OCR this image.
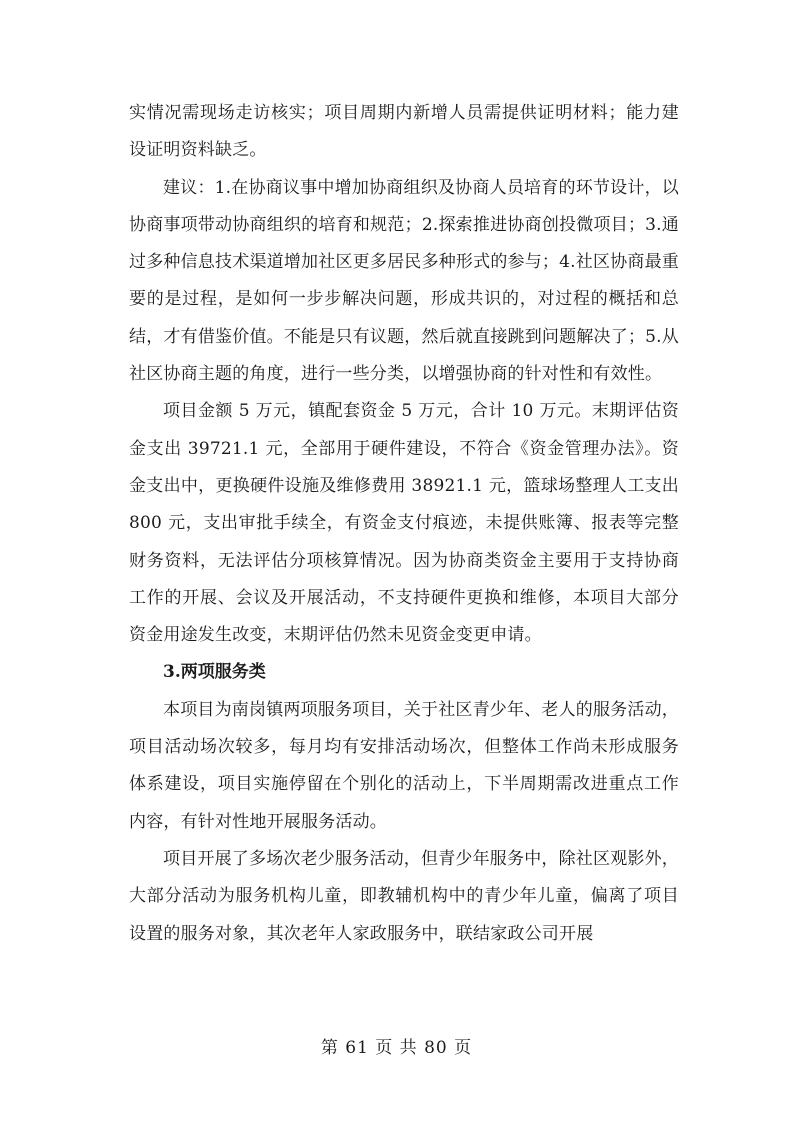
实情况需现场走访核实；项目周期内新增人员需提供证明材料；能力建设证明资料缺乏。

建议：1.在协商议事中增加协商组织及协商人员培育的环节设计，以协商事项带动协商组织的培育和规范；2.探索推进协商创投微项目；3.通过多种信息技术渠道增加社区更多居民多种形式的参与；4.社区协商最重要的是过程，是如何一步步解决问题，形成共识的，对过程的概括和总结，才有借鉴价值。不能是只有议题，然后就直接跳到问题解决了；5.从社区协商主题的角度，进行一些分类，以增强协商的针对性和有效性。

项目金额 5 万元，镇配套资金 5 万元，合计 10 万元。末期评估资金支出 39721.1 元，全部用于硬件建设，不符合《资金管理办法》。资金支出中，更换硬件设施及维修费用 38921.1 元，篮球场整理人工支出 800 元，支出审批手续全，有资金支付痕迹，未提供账簿、报表等完整财务资料，无法评估分项核算情况。因为协商类资金主要用于支持协商工作的开展、会议及开展活动，不支持硬件更换和维修，本项目大部分资金用途发生改变，末期评估仍然未见资金变更申请。

3.两项服务类

本项目为南岗镇两项服务项目，关于社区青少年、老人的服务活动，项目活动场次较多，每月均有安排活动场次，但整体工作尚未形成服务体系建设，项目实施停留在个别化的活动上，下半周期需改进重点工作内容，有针对性地开展服务活动。

项目开展了多场次老少服务活动，但青少年服务中，除社区观影外，大部分活动为服务机构儿童，即教辅机构中的青少年儿童，偏离了项目设置的服务对象，其次老年人家政服务中，联结家政公司开展

第 61 页 共 80 页
